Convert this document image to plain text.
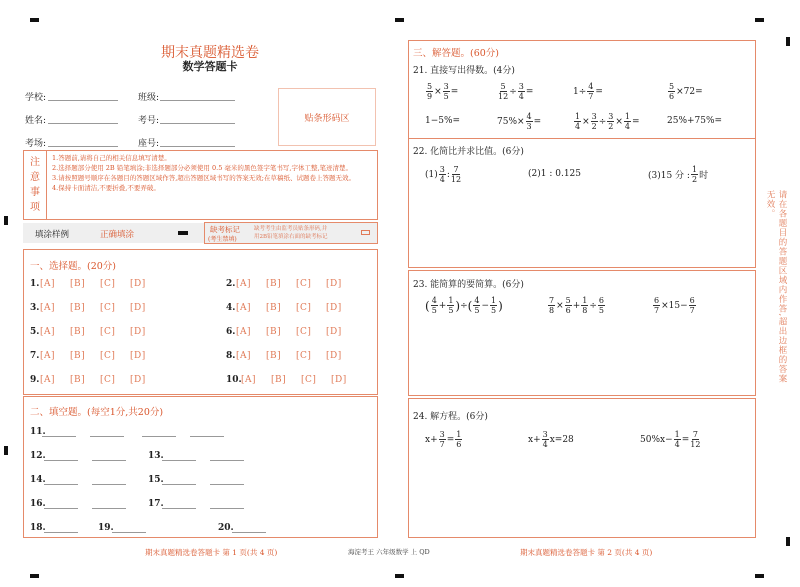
期末真题精选卷
数学答题卡
学校:	班级:
姓名:	考号:
考场:	座号:
贴条形码区
注
意
事
项
1.答题前,请将自己的相关信息填写清楚。
2.选择题部分使用 2B 铅笔填涂;非选择题部分必须使用 0.5 毫米的黑色签字笔书写,字体工整,笔迹清楚。
3.请按照题号顺序在各题目的答题区域作答,超出答题区域书写的答案无效;在草稿纸、试题卷上答题无效。
4.保持卡面清洁,不要折叠,不要弄破。
填涂样例	正确填涂
缺考标记
(考生禁填)
缺考考生由监考员贴条形码,并
用2B铅笔填涂右面的缺考标记
一、选择题。(20分)
1. [A] [B] [C] [D]
3. [A] [B] [C] [D]
5. [A] [B] [C] [D]
7. [A] [B] [C] [D]
9. [A] [B] [C] [D]
2. [A] [B] [C] [D]
4. [A] [B] [C] [D]
6. [A] [B] [C] [D]
8. [A] [B] [C] [D]
10. [A] [B] [C] [D]
二、填空题。(每空1分,共20分)
11.
12.	13.
14.	15.
16.	17.
18.	19.	20.
期末真题精选卷答题卡 第 1 页(共 4 页)	海淀考王 六年级数学 上 QD
三、解答题。(60分)
21. 直接写出得数。(4分)
$\frac{5}{9} \times \frac{3}{5}$ =	$\frac{5}{12} \div \frac{3}{4}$ =	$1\div \frac{4}{7}$ =	$\frac{5}{6} \times 72=$
1−5%=	$75\%\times \frac{4}{3}$ =	$\frac{1}{4} \times \frac{3}{2} \div \frac{3}{2} \times \frac{1}{4}$ =	25%+75%=
22. 化简比并求比值。(6分)
$(1) \frac{3}{4}$ : $\frac{7}{12}$	(2)1 : 0.125	(3)15 分 : $\frac{1}{2}$ 时
23. 能简算的要简算。(6分)
( $\frac{4}{5} + \frac{1}{5}$ ) ÷ ( $\frac{4}{5} - \frac{1}{5}$ )	$\frac{7}{8} \times \frac{5}{6} + \frac{1}{8} \div \frac{6}{5}$	$\frac{6}{7} \times 15- \frac{6}{7}$
24. 解方程。(6分)
$x+ \frac{3}{7} = \frac{1}{6}$	$x+ \frac{3}{4} x=28$	$50\%x- \frac{1}{4} = \frac{7}{12}$
期末真题精选卷答题卡 第 2 页(共 4 页)
请在各题目的答题区域内作答,超出边框的答案无效。
